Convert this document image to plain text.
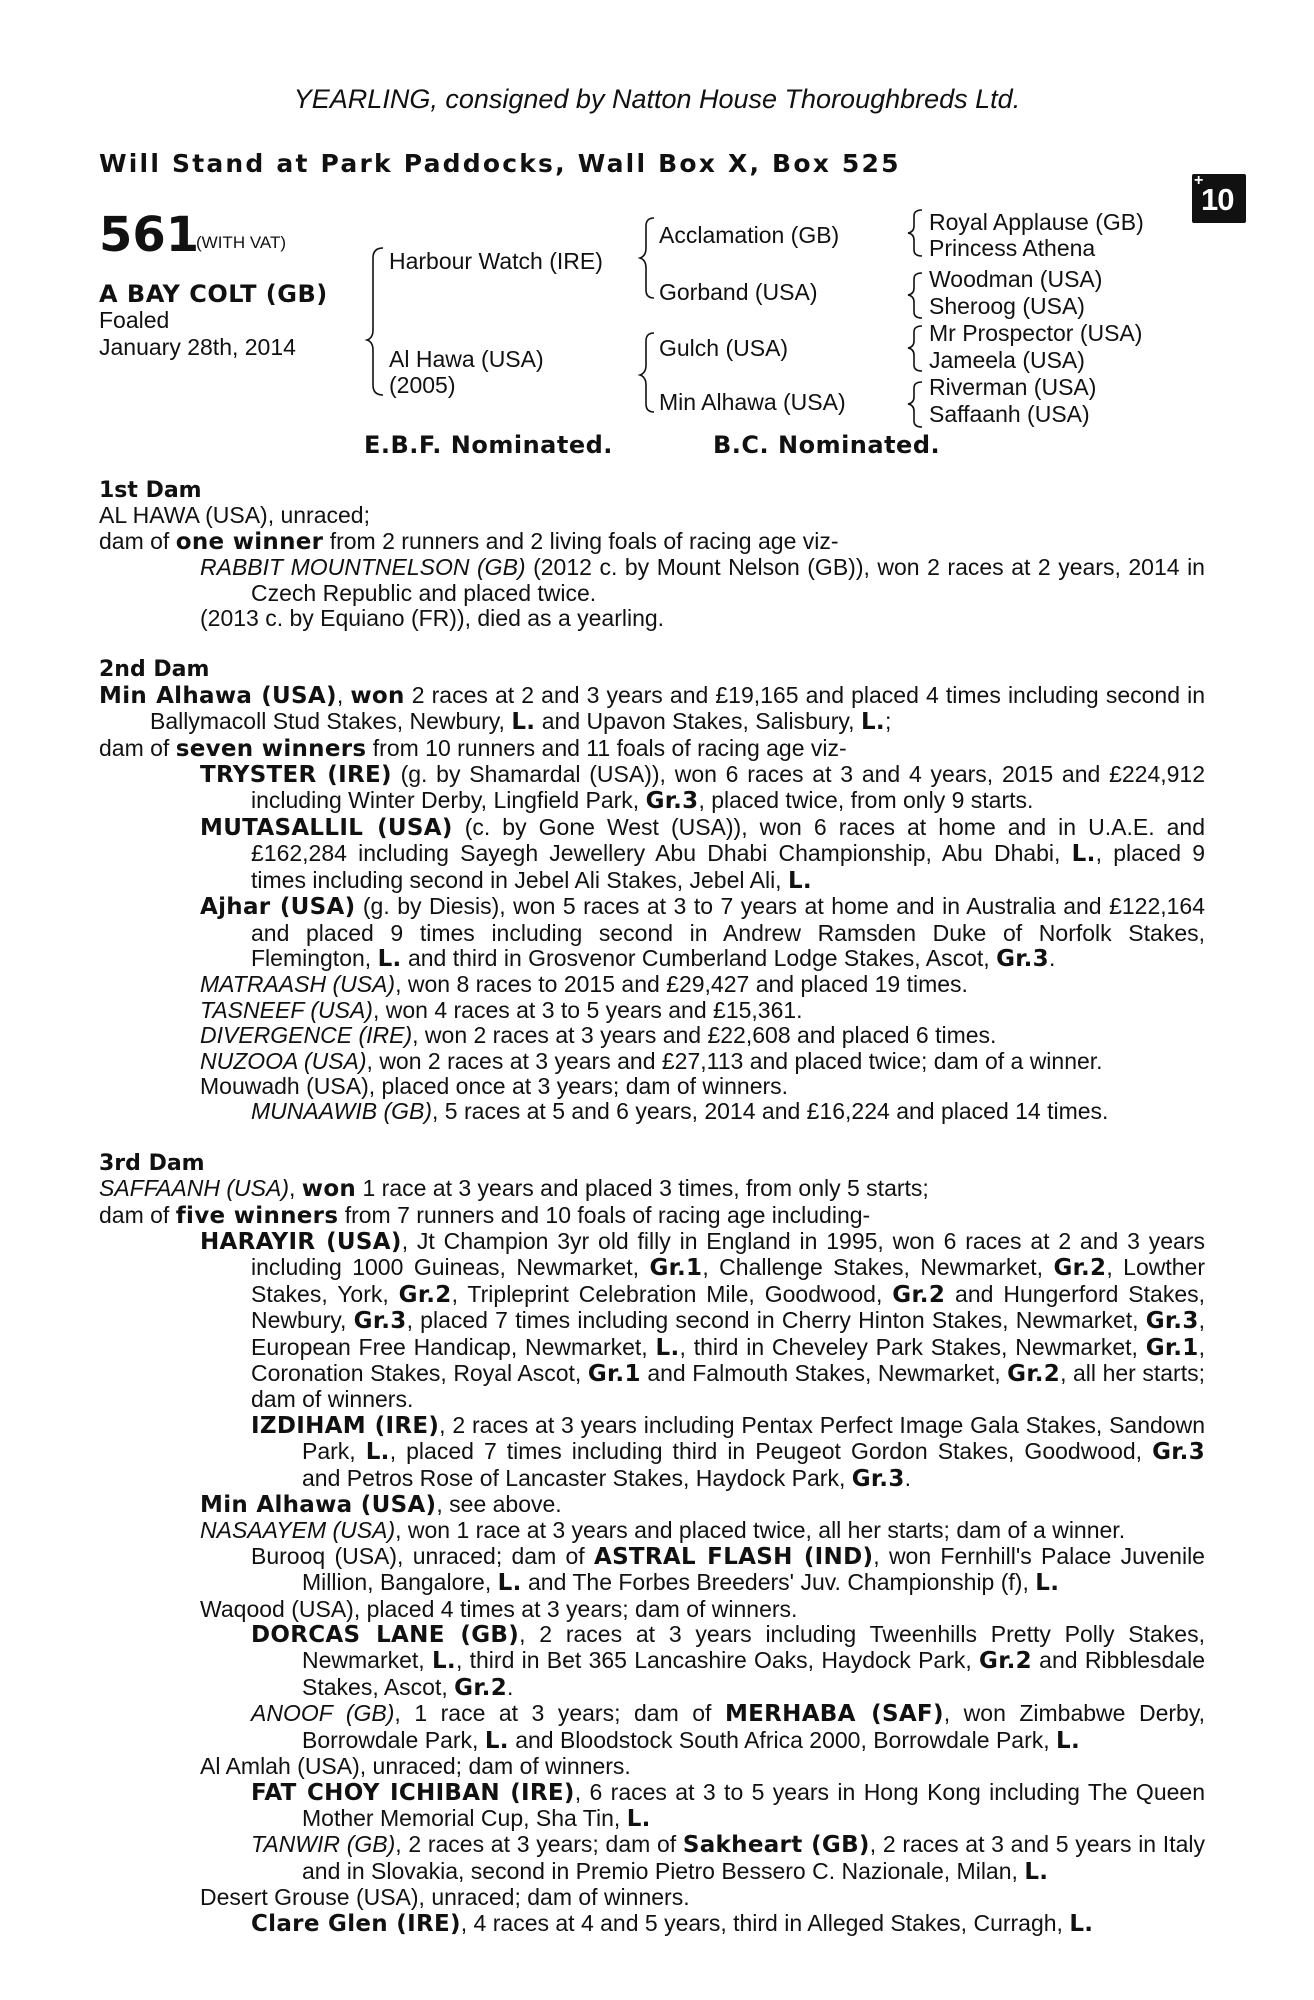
YEARLING, consigned by Natton House Thoroughbreds Ltd.
Will Stand at Park Paddocks, Wall Box X, Box 525
+
10
561
(WITH VAT)
A BAY COLT (GB)
Foaled
January 28th, 2014
Harbour Watch (IRE)
Al Hawa (USA)
(2005)
Acclamation (GB)
Gorband (USA)
Gulch (USA)
Min Alhawa (USA)
Royal Applause (GB)
Princess Athena
Woodman (USA)
Sheroog (USA)
Mr Prospector (USA)
Jameela (USA)
Riverman (USA)
Saffaanh (USA)
E.B.F. Nominated.	B.C. Nominated.

1st Dam

AL HAWA (USA), unraced;

dam of one winner from 2 runners and 2 living foals of racing age viz-

RABBIT MOUNTNELSON (GB) (2012 c. by Mount Nelson (GB)), won 2 races at 2 years, 2014 in Czech Republic and placed twice.

(2013 c. by Equiano (FR)), died as a yearling.

2nd Dam

Min Alhawa (USA), won 2 races at 2 and 3 years and £19,165 and placed 4 times including second in Ballymacoll Stud Stakes, Newbury, L. and Upavon Stakes, Salisbury, L.;

dam of seven winners from 10 runners and 11 foals of racing age viz-

TRYSTER (IRE) (g. by Shamardal (USA)), won 6 races at 3 and 4 years, 2015 and £224,912 including Winter Derby, Lingfield Park, Gr.3, placed twice, from only 9 starts.

MUTASALLIL (USA) (c. by Gone West (USA)), won 6 races at home and in U.A.E. and £162,284 including Sayegh Jewellery Abu Dhabi Championship, Abu Dhabi, L., placed 9 times including second in Jebel Ali Stakes, Jebel Ali, L.

Ajhar (USA) (g. by Diesis), won 5 races at 3 to 7 years at home and in Australia and £122,164 and placed 9 times including second in Andrew Ramsden Duke of Norfolk Stakes, Flemington, L. and third in Grosvenor Cumberland Lodge Stakes, Ascot, Gr.3.

MATRAASH (USA), won 8 races to 2015 and £29,427 and placed 19 times.

TASNEEF (USA), won 4 races at 3 to 5 years and £15,361.

DIVERGENCE (IRE), won 2 races at 3 years and £22,608 and placed 6 times.

NUZOOA (USA), won 2 races at 3 years and £27,113 and placed twice; dam of a winner.

Mouwadh (USA), placed once at 3 years; dam of winners.

MUNAAWIB (GB), 5 races at 5 and 6 years, 2014 and £16,224 and placed 14 times.

3rd Dam

SAFFAANH (USA), won 1 race at 3 years and placed 3 times, from only 5 starts;

dam of five winners from 7 runners and 10 foals of racing age including-

HARAYIR (USA), Jt Champion 3yr old filly in England in 1995, won 6 races at 2 and 3 years including 1000 Guineas, Newmarket, Gr.1, Challenge Stakes, Newmarket, Gr.2, Lowther Stakes, York, Gr.2, Tripleprint Celebration Mile, Goodwood, Gr.2 and Hungerford Stakes, Newbury, Gr.3, placed 7 times including second in Cherry Hinton Stakes, Newmarket, Gr.3, European Free Handicap, Newmarket, L., third in Cheveley Park Stakes, Newmarket, Gr.1, Coronation Stakes, Royal Ascot, Gr.1 and Falmouth Stakes, Newmarket, Gr.2, all her starts; dam of winners.

IZDIHAM (IRE), 2 races at 3 years including Pentax Perfect Image Gala Stakes, Sandown Park, L., placed 7 times including third in Peugeot Gordon Stakes, Goodwood, Gr.3 and Petros Rose of Lancaster Stakes, Haydock Park, Gr.3.

Min Alhawa (USA), see above.

NASAAYEM (USA), won 1 race at 3 years and placed twice, all her starts; dam of a winner.

Burooq (USA), unraced; dam of ASTRAL FLASH (IND), won Fernhill's Palace Juvenile Million, Bangalore, L. and The Forbes Breeders' Juv. Championship (f), L.

Waqood (USA), placed 4 times at 3 years; dam of winners.

DORCAS LANE (GB), 2 races at 3 years including Tweenhills Pretty Polly Stakes, Newmarket, L., third in Bet 365 Lancashire Oaks, Haydock Park, Gr.2 and Ribblesdale Stakes, Ascot, Gr.2.

ANOOF (GB), 1 race at 3 years; dam of MERHABA (SAF), won Zimbabwe Derby, Borrowdale Park, L. and Bloodstock South Africa 2000, Borrowdale Park, L.

Al Amlah (USA), unraced; dam of winners.

FAT CHOY ICHIBAN (IRE), 6 races at 3 to 5 years in Hong Kong including The Queen Mother Memorial Cup, Sha Tin, L.

TANWIR (GB), 2 races at 3 years; dam of Sakheart (GB), 2 races at 3 and 5 years in Italy and in Slovakia, second in Premio Pietro Bessero C. Nazionale, Milan, L.

Desert Grouse (USA), unraced; dam of winners.

Clare Glen (IRE), 4 races at 4 and 5 years, third in Alleged Stakes, Curragh, L.
